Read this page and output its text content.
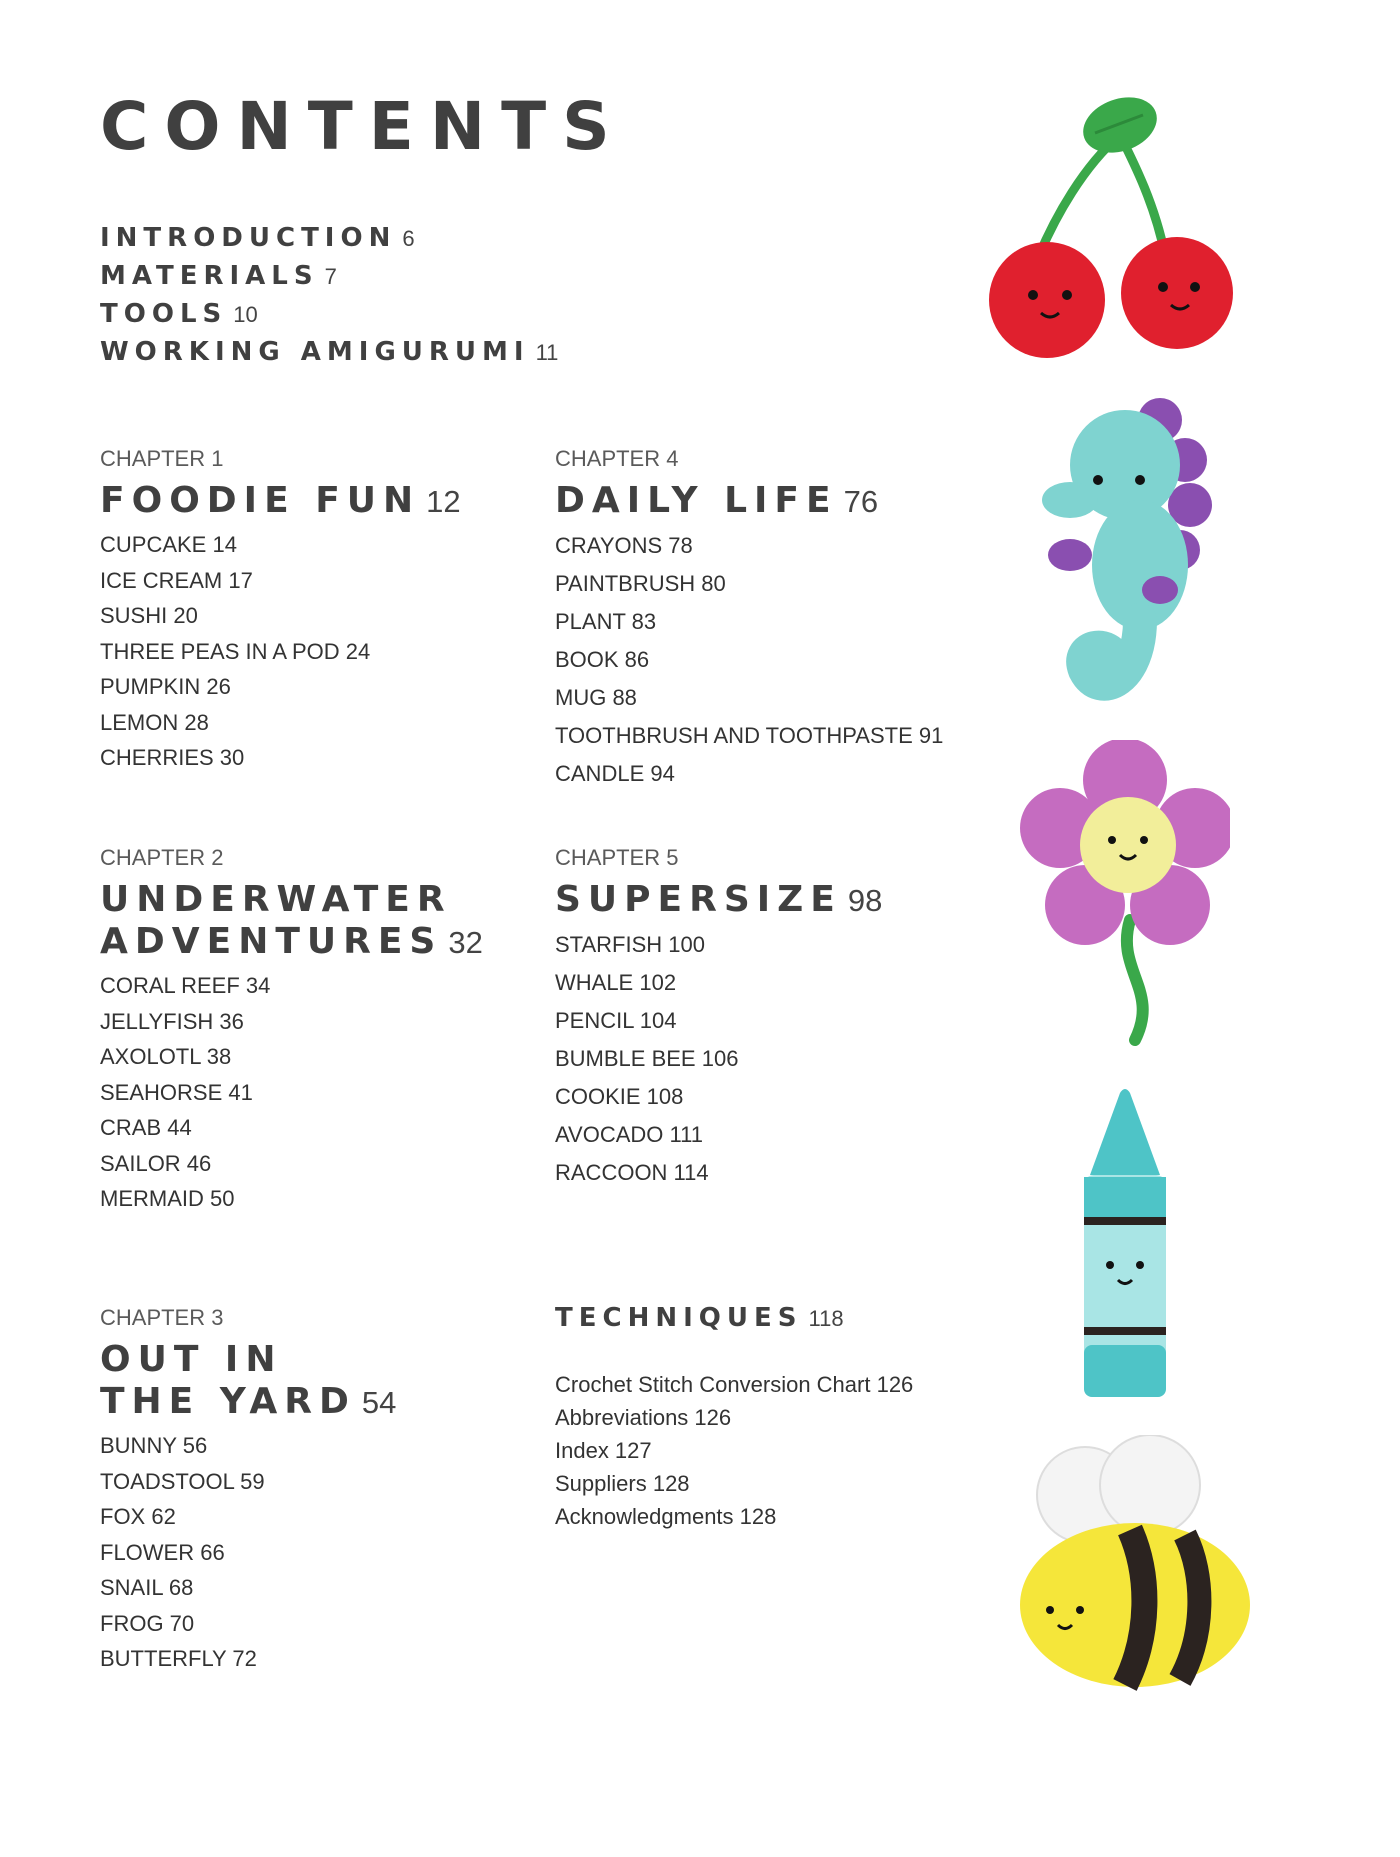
CONTENTS
INTRODUCTION 6
MATERIALS 7
TOOLS 10
WORKING AMIGURUMI 11
CHAPTER 1
FOODIE FUN 12
CUPCAKE 14
ICE CREAM 17
SUSHI 20
THREE PEAS IN A POD 24
PUMPKIN 26
LEMON 28
CHERRIES 30
CHAPTER 2
UNDERWATER
ADVENTURES 32
CORAL REEF 34
JELLYFISH 36
AXOLOTL 38
SEAHORSE 41
CRAB 44
SAILOR 46
MERMAID 50
CHAPTER 3
OUT IN
THE YARD 54
BUNNY 56
TOADSTOOL 59
FOX 62
FLOWER 66
SNAIL 68
FROG 70
BUTTERFLY 72
CHAPTER 4
DAILY LIFE 76
CRAYONS 78
PAINTBRUSH 80
PLANT 83
BOOK 86
MUG 88
TOOTHBRUSH AND TOOTHPASTE 91
CANDLE 94
CHAPTER 5
SUPERSIZE 98
STARFISH 100
WHALE 102
PENCIL 104
BUMBLE BEE 106
COOKIE 108
AVOCADO 111
RACCOON 114
TECHNIQUES 118
Crochet Stitch Conversion Chart 126
Abbreviations 126
Index 127
Suppliers 128
Acknowledgments 128
